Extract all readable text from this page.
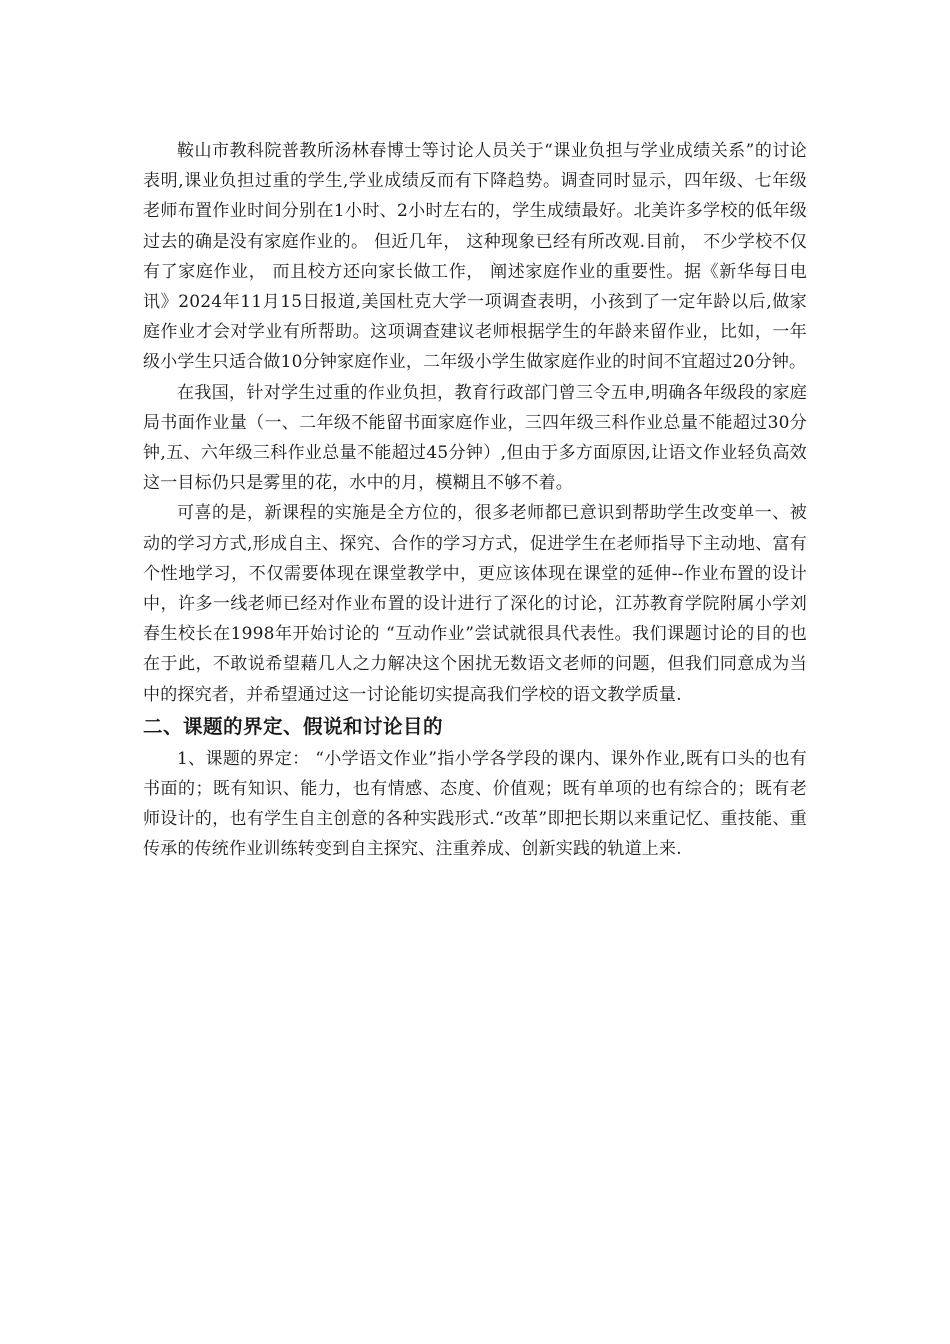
鞍山市教科院普教所汤林春博士等讨论人员关于“课业负担与学业成绩关系”的讨论表明,课业负担过重的学生,学业成绩反而有下降趋势。调查同时显示，四年级、七年级老师布置作业时间分别在1小时、2小时左右的，学生成绩最好。北美许多学校的低年级过去的确是没有家庭作业的。 但近几年， 这种现象已经有所改观.目前， 不少学校不仅有了家庭作业， 而且校方还向家长做工作， 阐述家庭作业的重要性。据《新华每日电讯》2024年11月15日报道,美国杜克大学一项调查表明，小孩到了一定年龄以后,做家庭作业才会对学业有所帮助。这项调查建议老师根据学生的年龄来留作业，比如，一年级小学生只适合做10分钟家庭作业，二年级小学生做家庭作业的时间不宜超过20分钟。

在我国，针对学生过重的作业负担，教育行政部门曾三令五申,明确各年级段的家庭局书面作业量（一、二年级不能留书面家庭作业，三四年级三科作业总量不能超过30分钟,五、六年级三科作业总量不能超过45分钟）,但由于多方面原因,让语文作业轻负高效这一目标仍只是雾里的花，水中的月，模糊且不够不着。

可喜的是，新课程的实施是全方位的，很多老师都已意识到帮助学生改变单一、被动的学习方式,形成自主、探究、合作的学习方式，促进学生在老师指导下主动地、富有个性地学习，不仅需要体现在课堂教学中，更应该体现在课堂的延伸--作业布置的设计中，许多一线老师已经对作业布置的设计进行了深化的讨论，江苏教育学院附属小学刘春生校长在1998年开始讨论的 “互动作业”尝试就很具代表性。我们课题讨论的目的也在于此，不敢说希望藉几人之力解决这个困扰无数语文老师的问题，但我们同意成为当中的探究者，并希望通过这一讨论能切实提高我们学校的语文教学质量.

二、课题的界定、假说和讨论目的

1、课题的界定： “小学语文作业”指小学各学段的课内、课外作业,既有口头的也有书面的；既有知识、能力，也有情感、态度、价值观；既有单项的也有综合的；既有老师设计的，也有学生自主创意的各种实践形式.“改革”即把长期以来重记忆、重技能、重传承的传统作业训练转变到自主探究、注重养成、创新实践的轨道上来.
